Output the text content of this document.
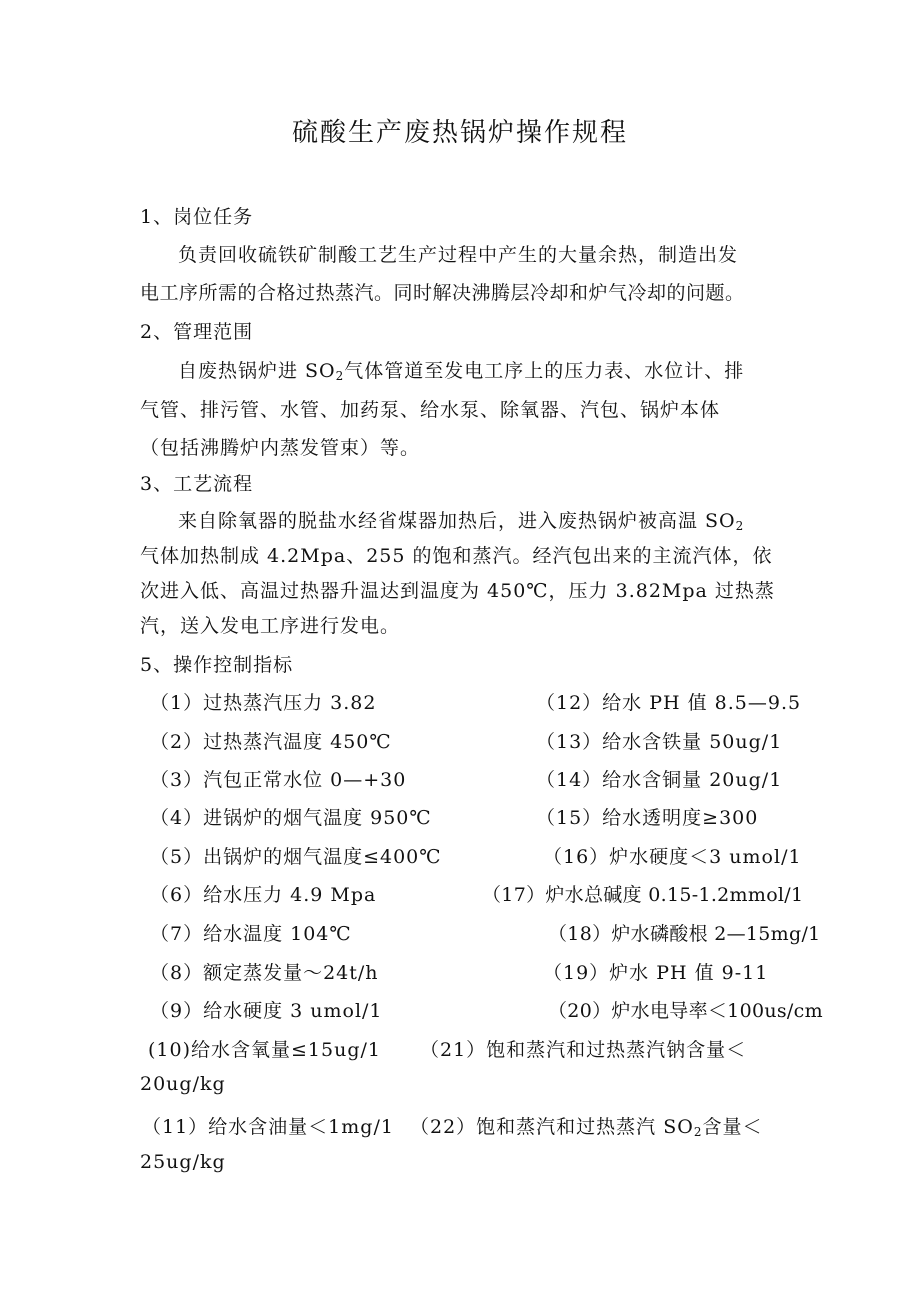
硫酸生产废热锅炉操作规程
1、岗位任务
负责回收硫铁矿制酸工艺生产过程中产生的大量余热，制造出发
电工序所需的合格过热蒸汽。同时解决沸腾层冷却和炉气冷却的问题。
2、管理范围
自废热锅炉进 $SO_2$气体管道至发电工序上的压力表、水位计、排
气管、排污管、水管、加药泵、给水泵、除氧器、汽包、锅炉本体
（包括沸腾炉内蒸发管束）等。
3、工艺流程
来自除氧器的脱盐水经省煤器加热后，进入废热锅炉被高温 $SO_2$
气体加热制成 4.2Mpa、255 的饱和蒸汽。经汽包出来的主流汽体，依
次进入低、高温过热器升温达到温度为 450℃，压力 3.82Mpa 过热蒸
汽，送入发电工序进行发电。
5、操作控制指标
（1）过热蒸汽压力 3.82
（2）过热蒸汽温度 450℃
（3）汽包正常水位 0—+30
（4）进锅炉的烟气温度 950℃
（5）出锅炉的烟气温度≤400℃
（6）给水压力 4.9 Mpa
（7）给水温度 104℃
（8）额定蒸发量～24t/h
（9）给水硬度 3 umol/1
（12）给水 PH 值 8.5—9.5
（13）给水含铁量 50ug/1
（14）给水含铜量 20ug/1
（15）给水透明度≥300
（16）炉水硬度＜3 umol/1
（17）炉水总碱度 0.15-1.2mmol/1
（18）炉水磷酸根 2—15mg/1
（19）炉水 PH 值 9-11
（20）炉水电导率＜100us/cm
(10)给水含氧量≤15ug/1 （21）饱和蒸汽和过热蒸汽钠含量＜
20ug/kg
（11）给水含油量＜1mg/1 （22）饱和蒸汽和过热蒸汽 $SO_2$含量＜
25ug/kg
